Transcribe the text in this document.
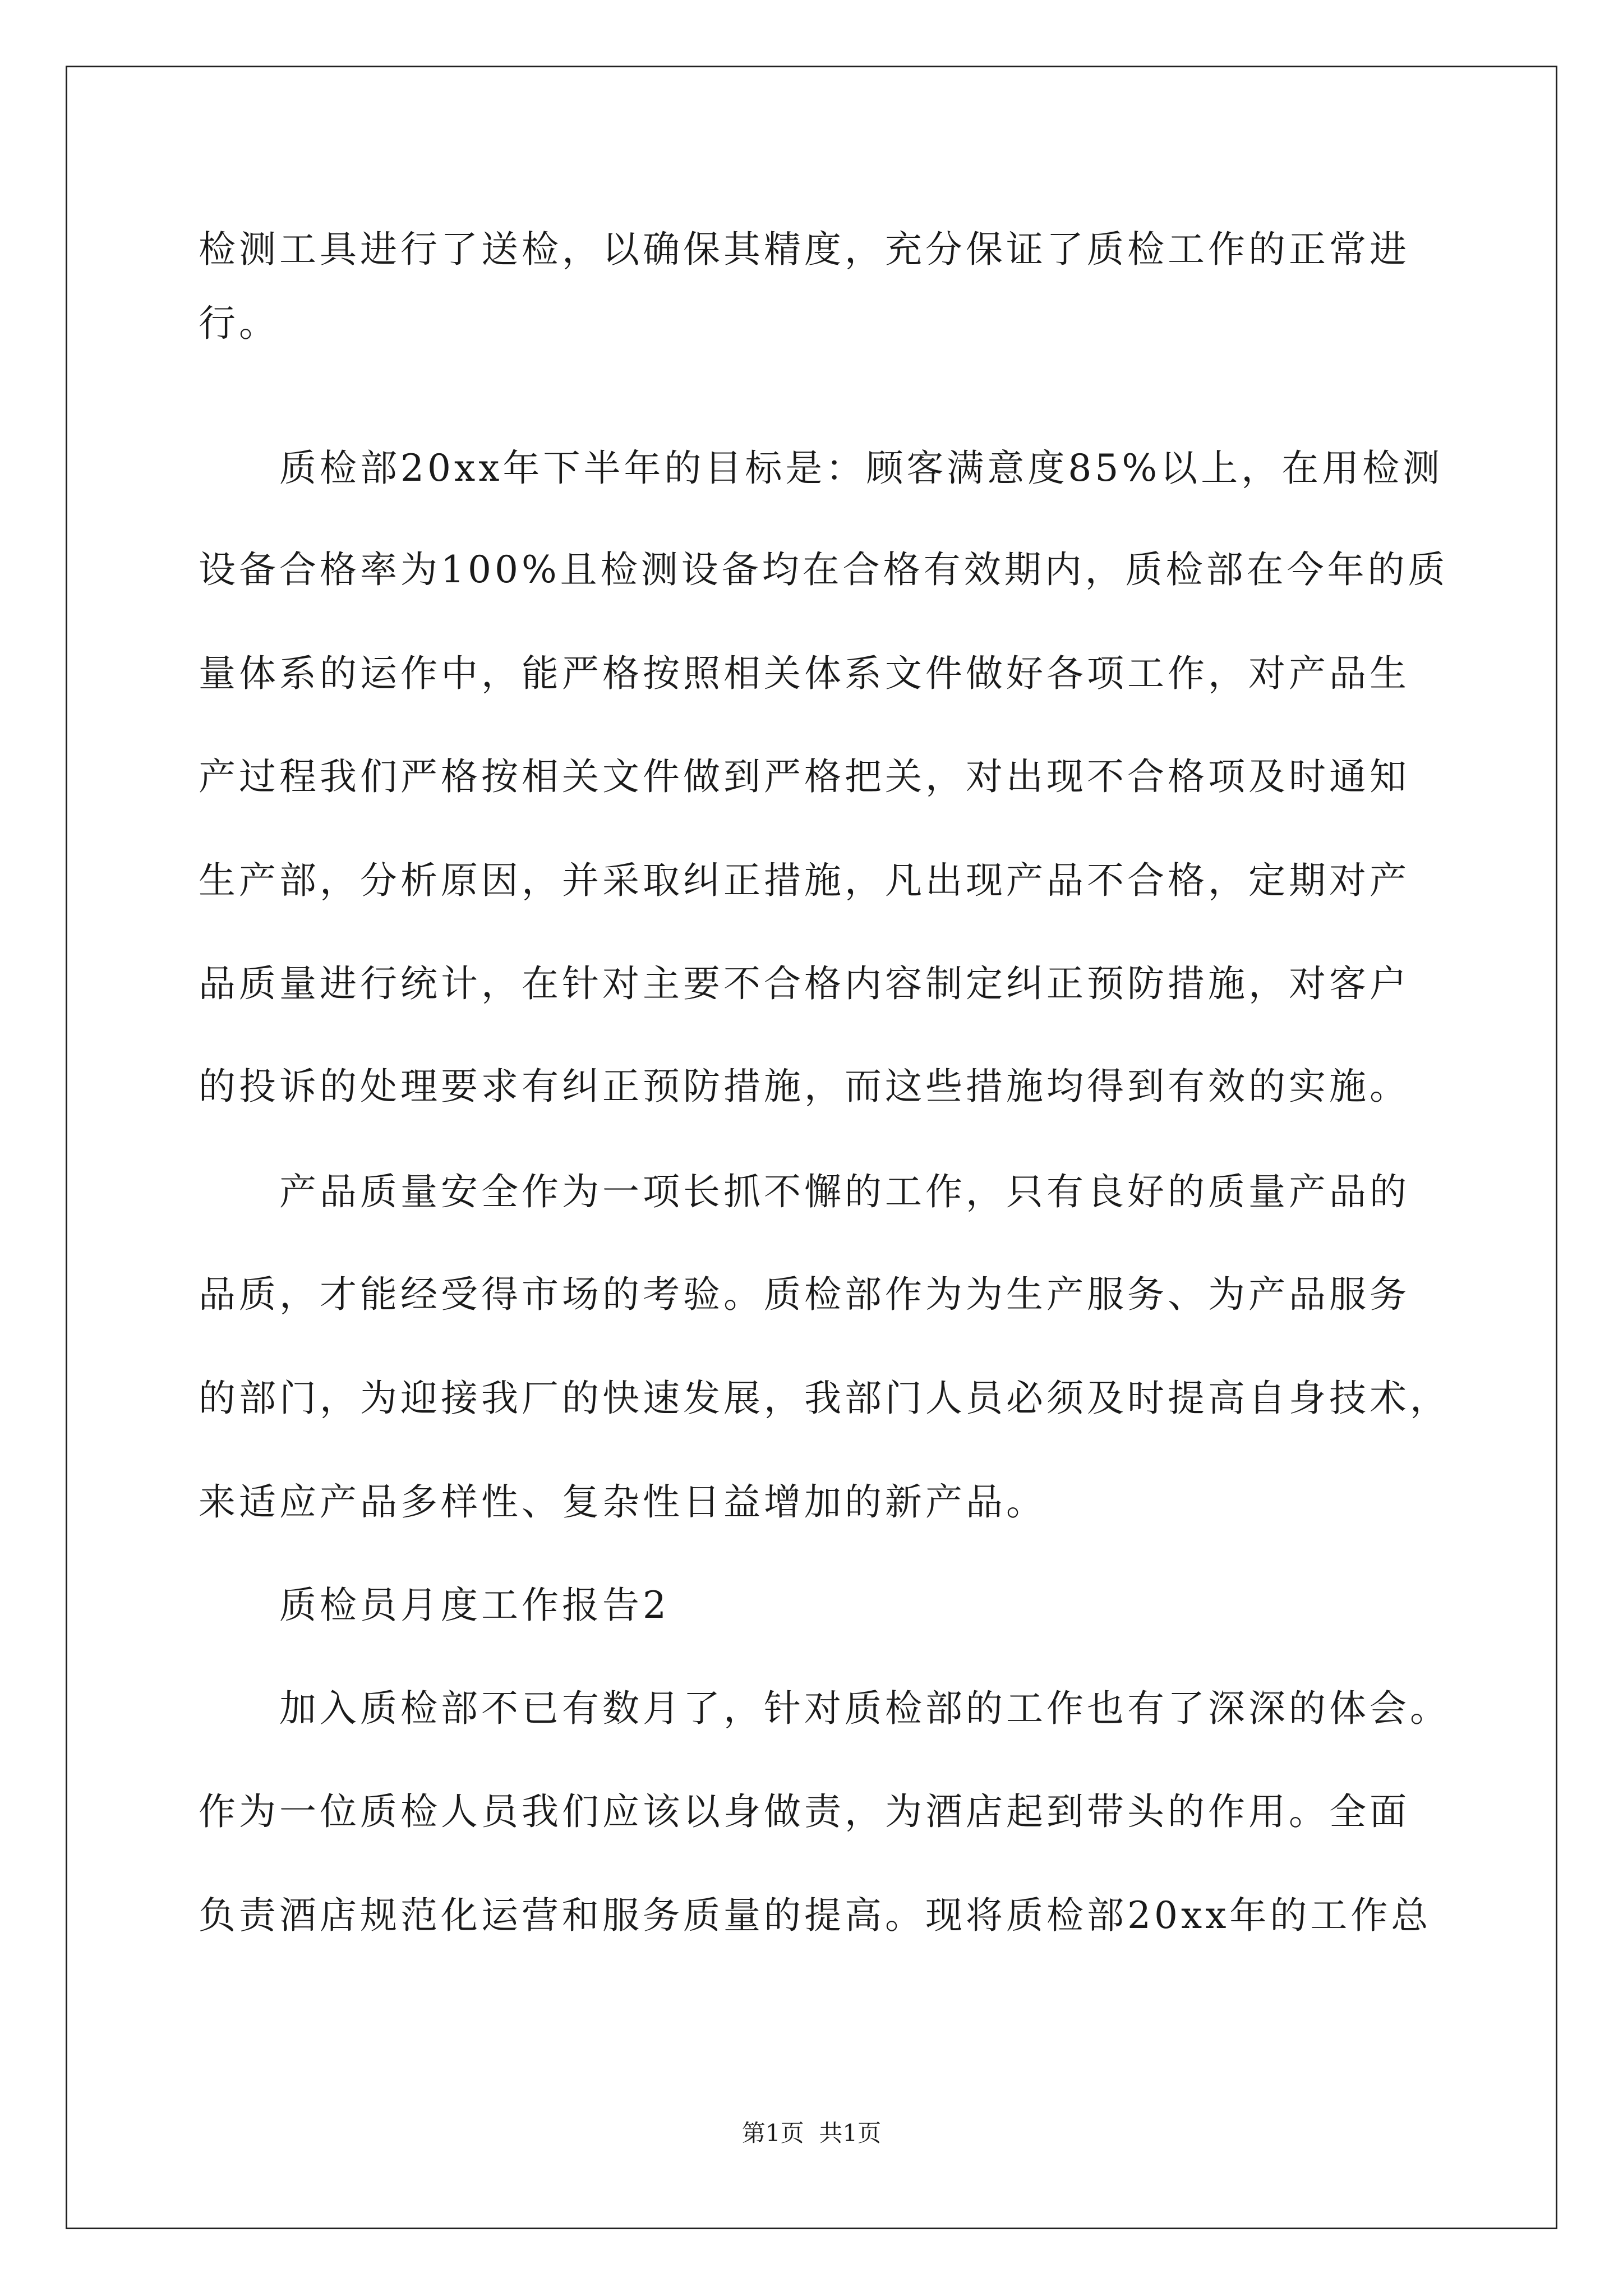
检测工具进行了送检，以确保其精度，充分保证了质检工作的正常进
行。
　　质检部20xx年下半年的目标是：顾客满意度85%以上，在用检测
设备合格率为100%且检测设备均在合格有效期内，质检部在今年的质
量体系的运作中，能严格按照相关体系文件做好各项工作，对产品生
产过程我们严格按相关文件做到严格把关，对出现不合格项及时通知
生产部，分析原因，并采取纠正措施，凡出现产品不合格，定期对产
品质量进行统计，在针对主要不合格内容制定纠正预防措施，对客户
的投诉的处理要求有纠正预防措施，而这些措施均得到有效的实施。
　　产品质量安全作为一项长抓不懈的工作，只有良好的质量产品的
品质，才能经受得市场的考验。质检部作为为生产服务、为产品服务
的部门，为迎接我厂的快速发展，我部门人员必须及时提高自身技术，
来适应产品多样性、复杂性日益增加的新产品。
　　质检员月度工作报告2
　　加入质检部不已有数月了，针对质检部的工作也有了深深的体会。
作为一位质检人员我们应该以身做责，为酒店起到带头的作用。全面
负责酒店规范化运营和服务质量的提高。现将质检部20xx年的工作总
第1页  共1页
